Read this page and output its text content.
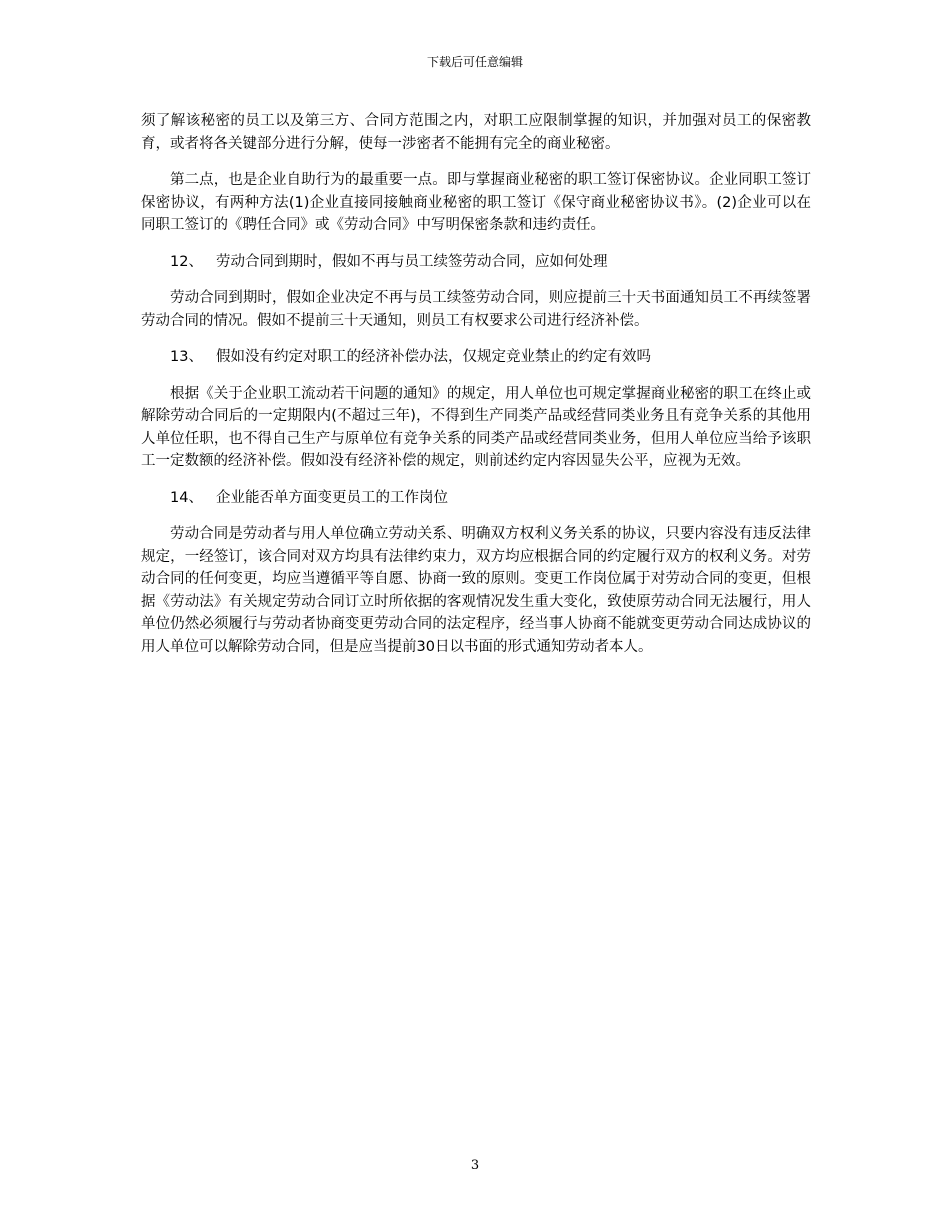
下载后可任意编辑

须了解该秘密的员工以及第三方、合同方范围之内，对职工应限制掌握的知识，并加强对员工的保密教育，或者将各关键部分进行分解，使每一涉密者不能拥有完全的商业秘密。

第二点，也是企业自助行为的最重要一点。即与掌握商业秘密的职工签订保密协议。企业同职工签订保密协议，有两种方法(1)企业直接同接触商业秘密的职工签订《保守商业秘密协议书》。(2)企业可以在同职工签订的《聘任合同》或《劳动合同》中写明保密条款和违约责任。

12、 劳动合同到期时，假如不再与员工续签劳动合同，应如何处理

劳动合同到期时，假如企业决定不再与员工续签劳动合同，则应提前三十天书面通知员工不再续签署劳动合同的情况。假如不提前三十天通知，则员工有权要求公司进行经济补偿。

13、 假如没有约定对职工的经济补偿办法，仅规定竞业禁止的约定有效吗

根据《关于企业职工流动若干问题的通知》的规定，用人单位也可规定掌握商业秘密的职工在终止或解除劳动合同后的一定期限内(不超过三年)，不得到生产同类产品或经营同类业务且有竞争关系的其他用人单位任职，也不得自己生产与原单位有竞争关系的同类产品或经营同类业务，但用人单位应当给予该职工一定数额的经济补偿。假如没有经济补偿的规定，则前述约定内容因显失公平，应视为无效。

14、 企业能否单方面变更员工的工作岗位

劳动合同是劳动者与用人单位确立劳动关系、明确双方权利义务关系的协议，只要内容没有违反法律规定，一经签订，该合同对双方均具有法律约束力，双方均应根据合同的约定履行双方的权利义务。对劳动合同的任何变更，均应当遵循平等自愿、协商一致的原则。变更工作岗位属于对劳动合同的变更，但根据《劳动法》有关规定劳动合同订立时所依据的客观情况发生重大变化，致使原劳动合同无法履行，用人单位仍然必须履行与劳动者协商变更劳动合同的法定程序，经当事人协商不能就变更劳动合同达成协议的用人单位可以解除劳动合同，但是应当提前30日以书面的形式通知劳动者本人。

3
